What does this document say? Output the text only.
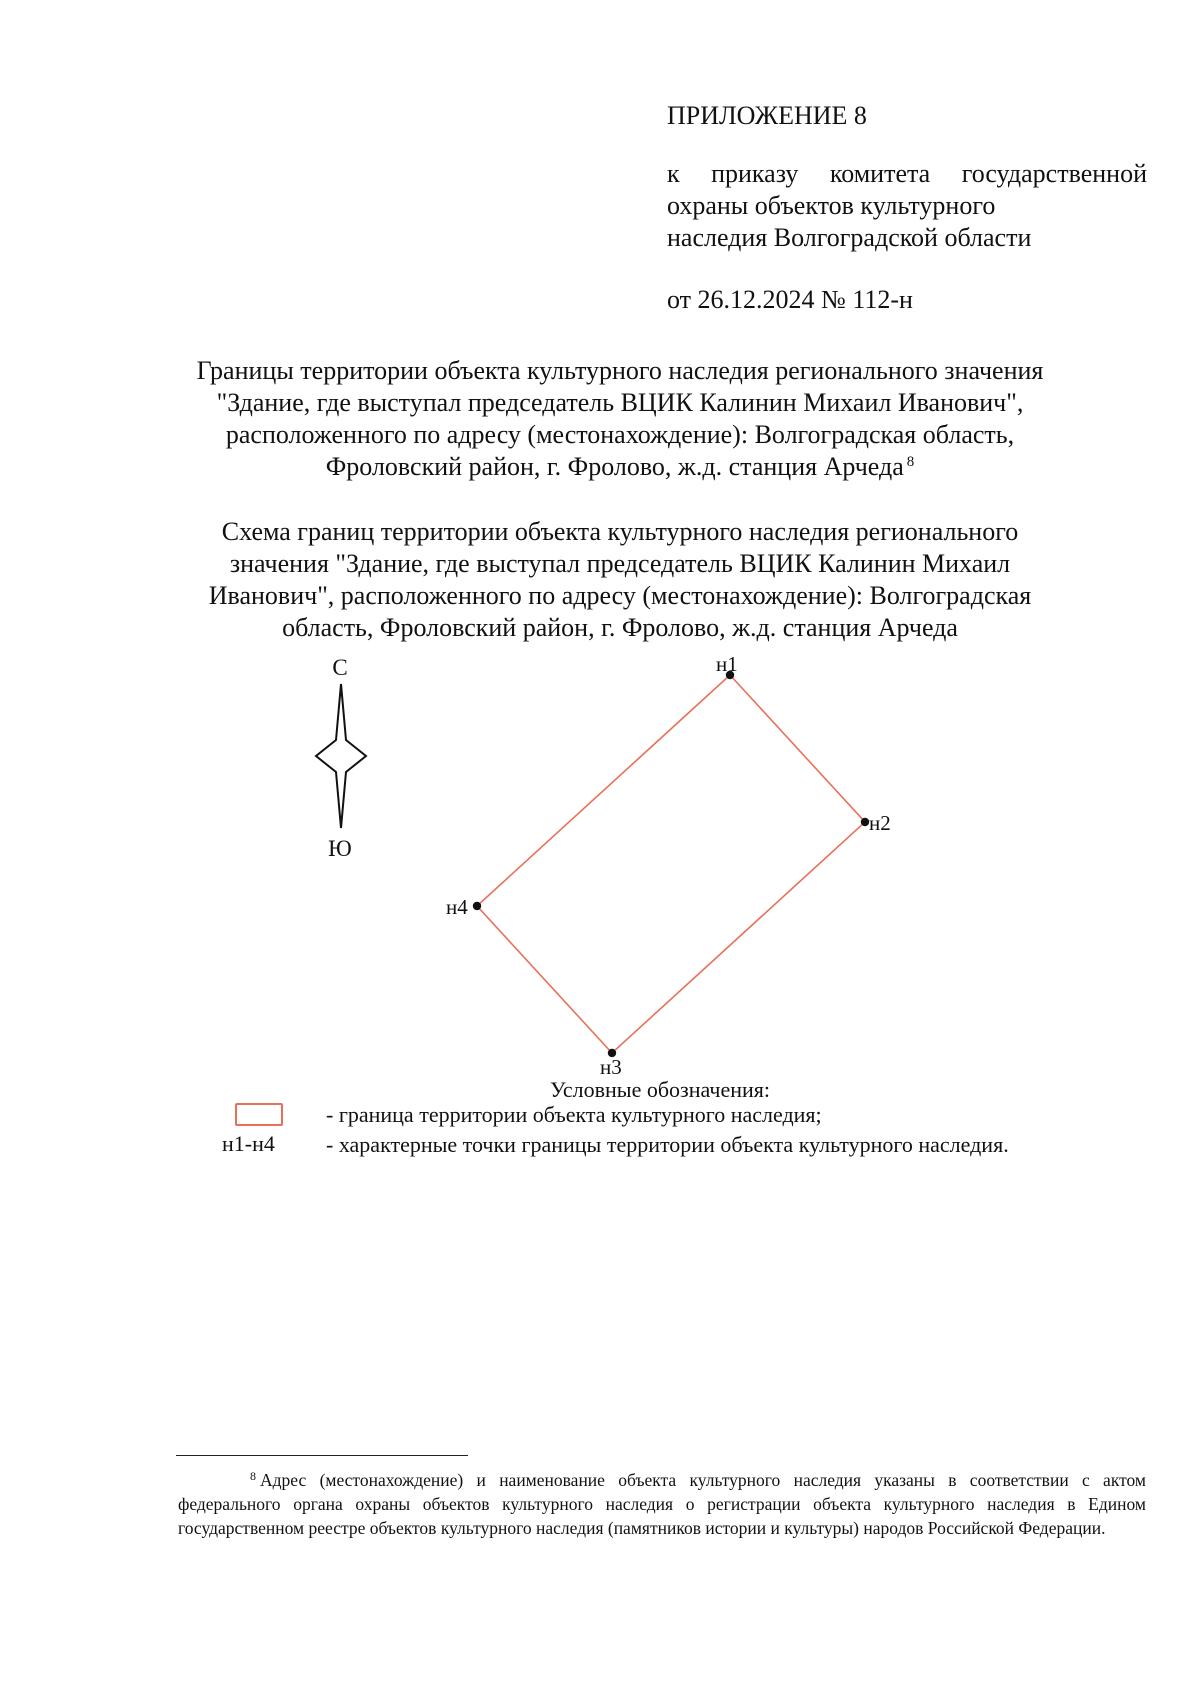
ПРИЛОЖЕНИЕ 8

к приказу комитета государственной
охраны объектов культурного
наследия Волгоградской области

от 26.12.2024 № 112-н

Границы территории объекта культурного наследия регионального значения
"Здание, где выступал председатель ВЦИК Калинин Михаил Иванович",
расположенного по адресу (местонахождение): Волгоградская область,
Фроловский район, г. Фролово, ж.д. станция Арчеда $^8$
Схема границ территории объекта культурного наследия регионального
значения "Здание, где выступал председатель ВЦИК Калинин Михаил
Иванович", расположенного по адресу (местонахождение): Волгоградская
область, Фроловский район, г. Фролово, ж.д. станция Арчеда
С
Ю
н1
н2
н3
н4
Условные обозначения:
- граница территории объекта культурного наследия;
н1-н4 - характерные точки границы территории объекта культурного наследия.
$^8$ Адрес (местонахождение) и наименование объекта культурного наследия указаны в соответствии с актом федерального органа охраны объектов культурного наследия о регистрации объекта культурного наследия в Едином государственном реестре объектов культурного наследия (памятников истории и культуры) народов Российской Федерации.
